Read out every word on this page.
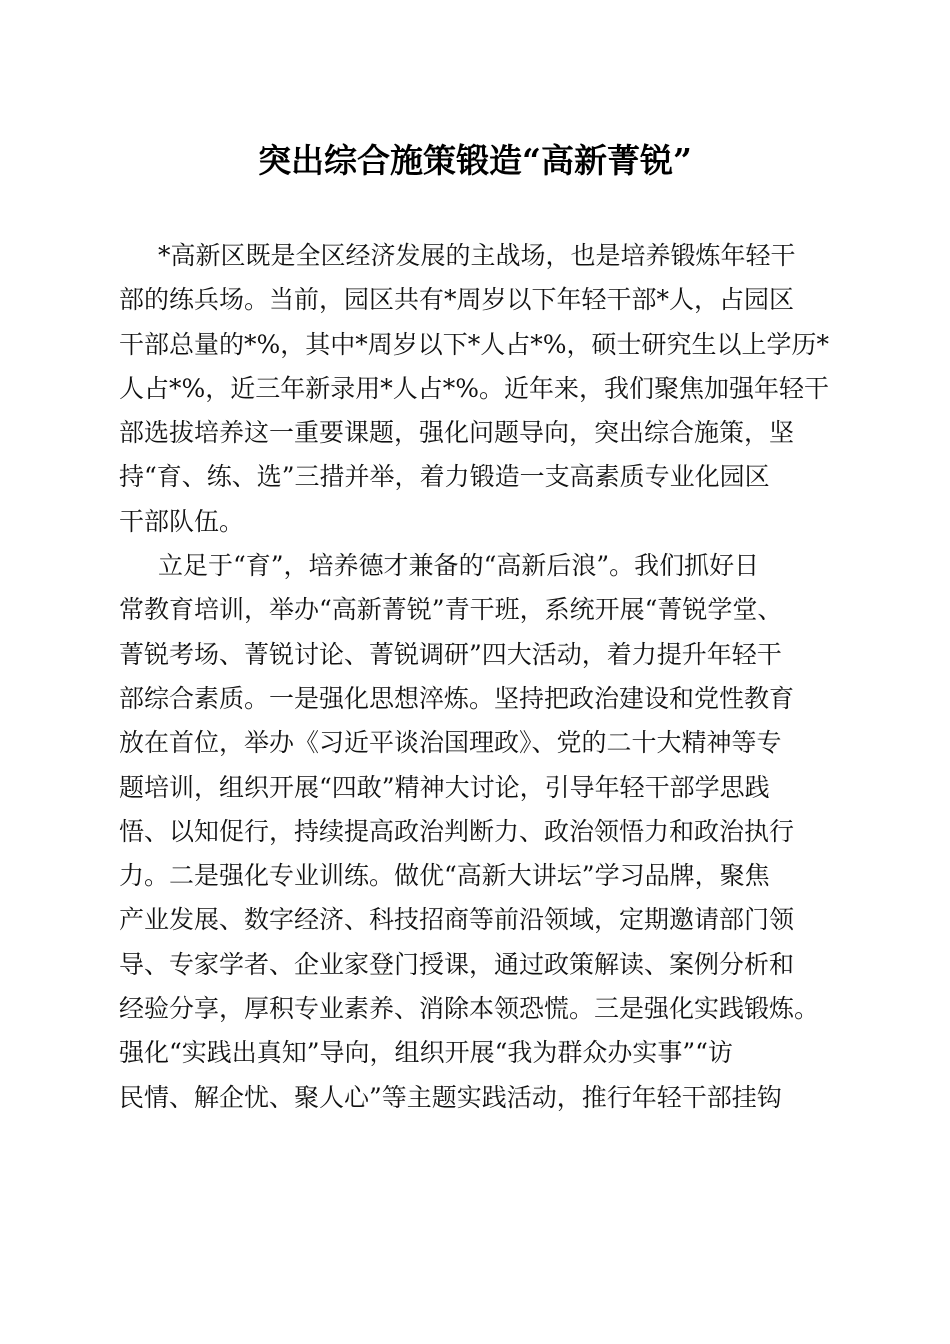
突出综合施策锻造“高新菁锐”
*高新区既是全区经济发展的主战场，也是培养锻炼年轻干
部的练兵场。当前，园区共有*周岁以下年轻干部*人，占园区
干部总量的*%，其中*周岁以下*人占*%，硕士研究生以上学历*
人占*%，近三年新录用*人占*%。近年来，我们聚焦加强年轻干
部选拔培养这一重要课题，强化问题导向，突出综合施策，坚
持“育、练、选”三措并举，着力锻造一支高素质专业化园区
干部队伍。
立足于“育”，培养德才兼备的“高新后浪”。我们抓好日
常教育培训，举办“高新菁锐”青干班，系统开展“菁锐学堂、
菁锐考场、菁锐讨论、菁锐调研”四大活动，着力提升年轻干
部综合素质。一是强化思想淬炼。坚持把政治建设和党性教育
放在首位，举办《习近平谈治国理政》、党的二十大精神等专
题培训，组织开展“四敢”精神大讨论，引导年轻干部学思践
悟、以知促行，持续提高政治判断力、政治领悟力和政治执行
力。二是强化专业训练。做优“高新大讲坛”学习品牌，聚焦
产业发展、数字经济、科技招商等前沿领域，定期邀请部门领
导、专家学者、企业家登门授课，通过政策解读、案例分析和
经验分享，厚积专业素养、消除本领恐慌。三是强化实践锻炼。
强化“实践出真知”导向，组织开展“我为群众办实事”“访
民情、解企忧、聚人心”等主题实践活动，推行年轻干部挂钩
